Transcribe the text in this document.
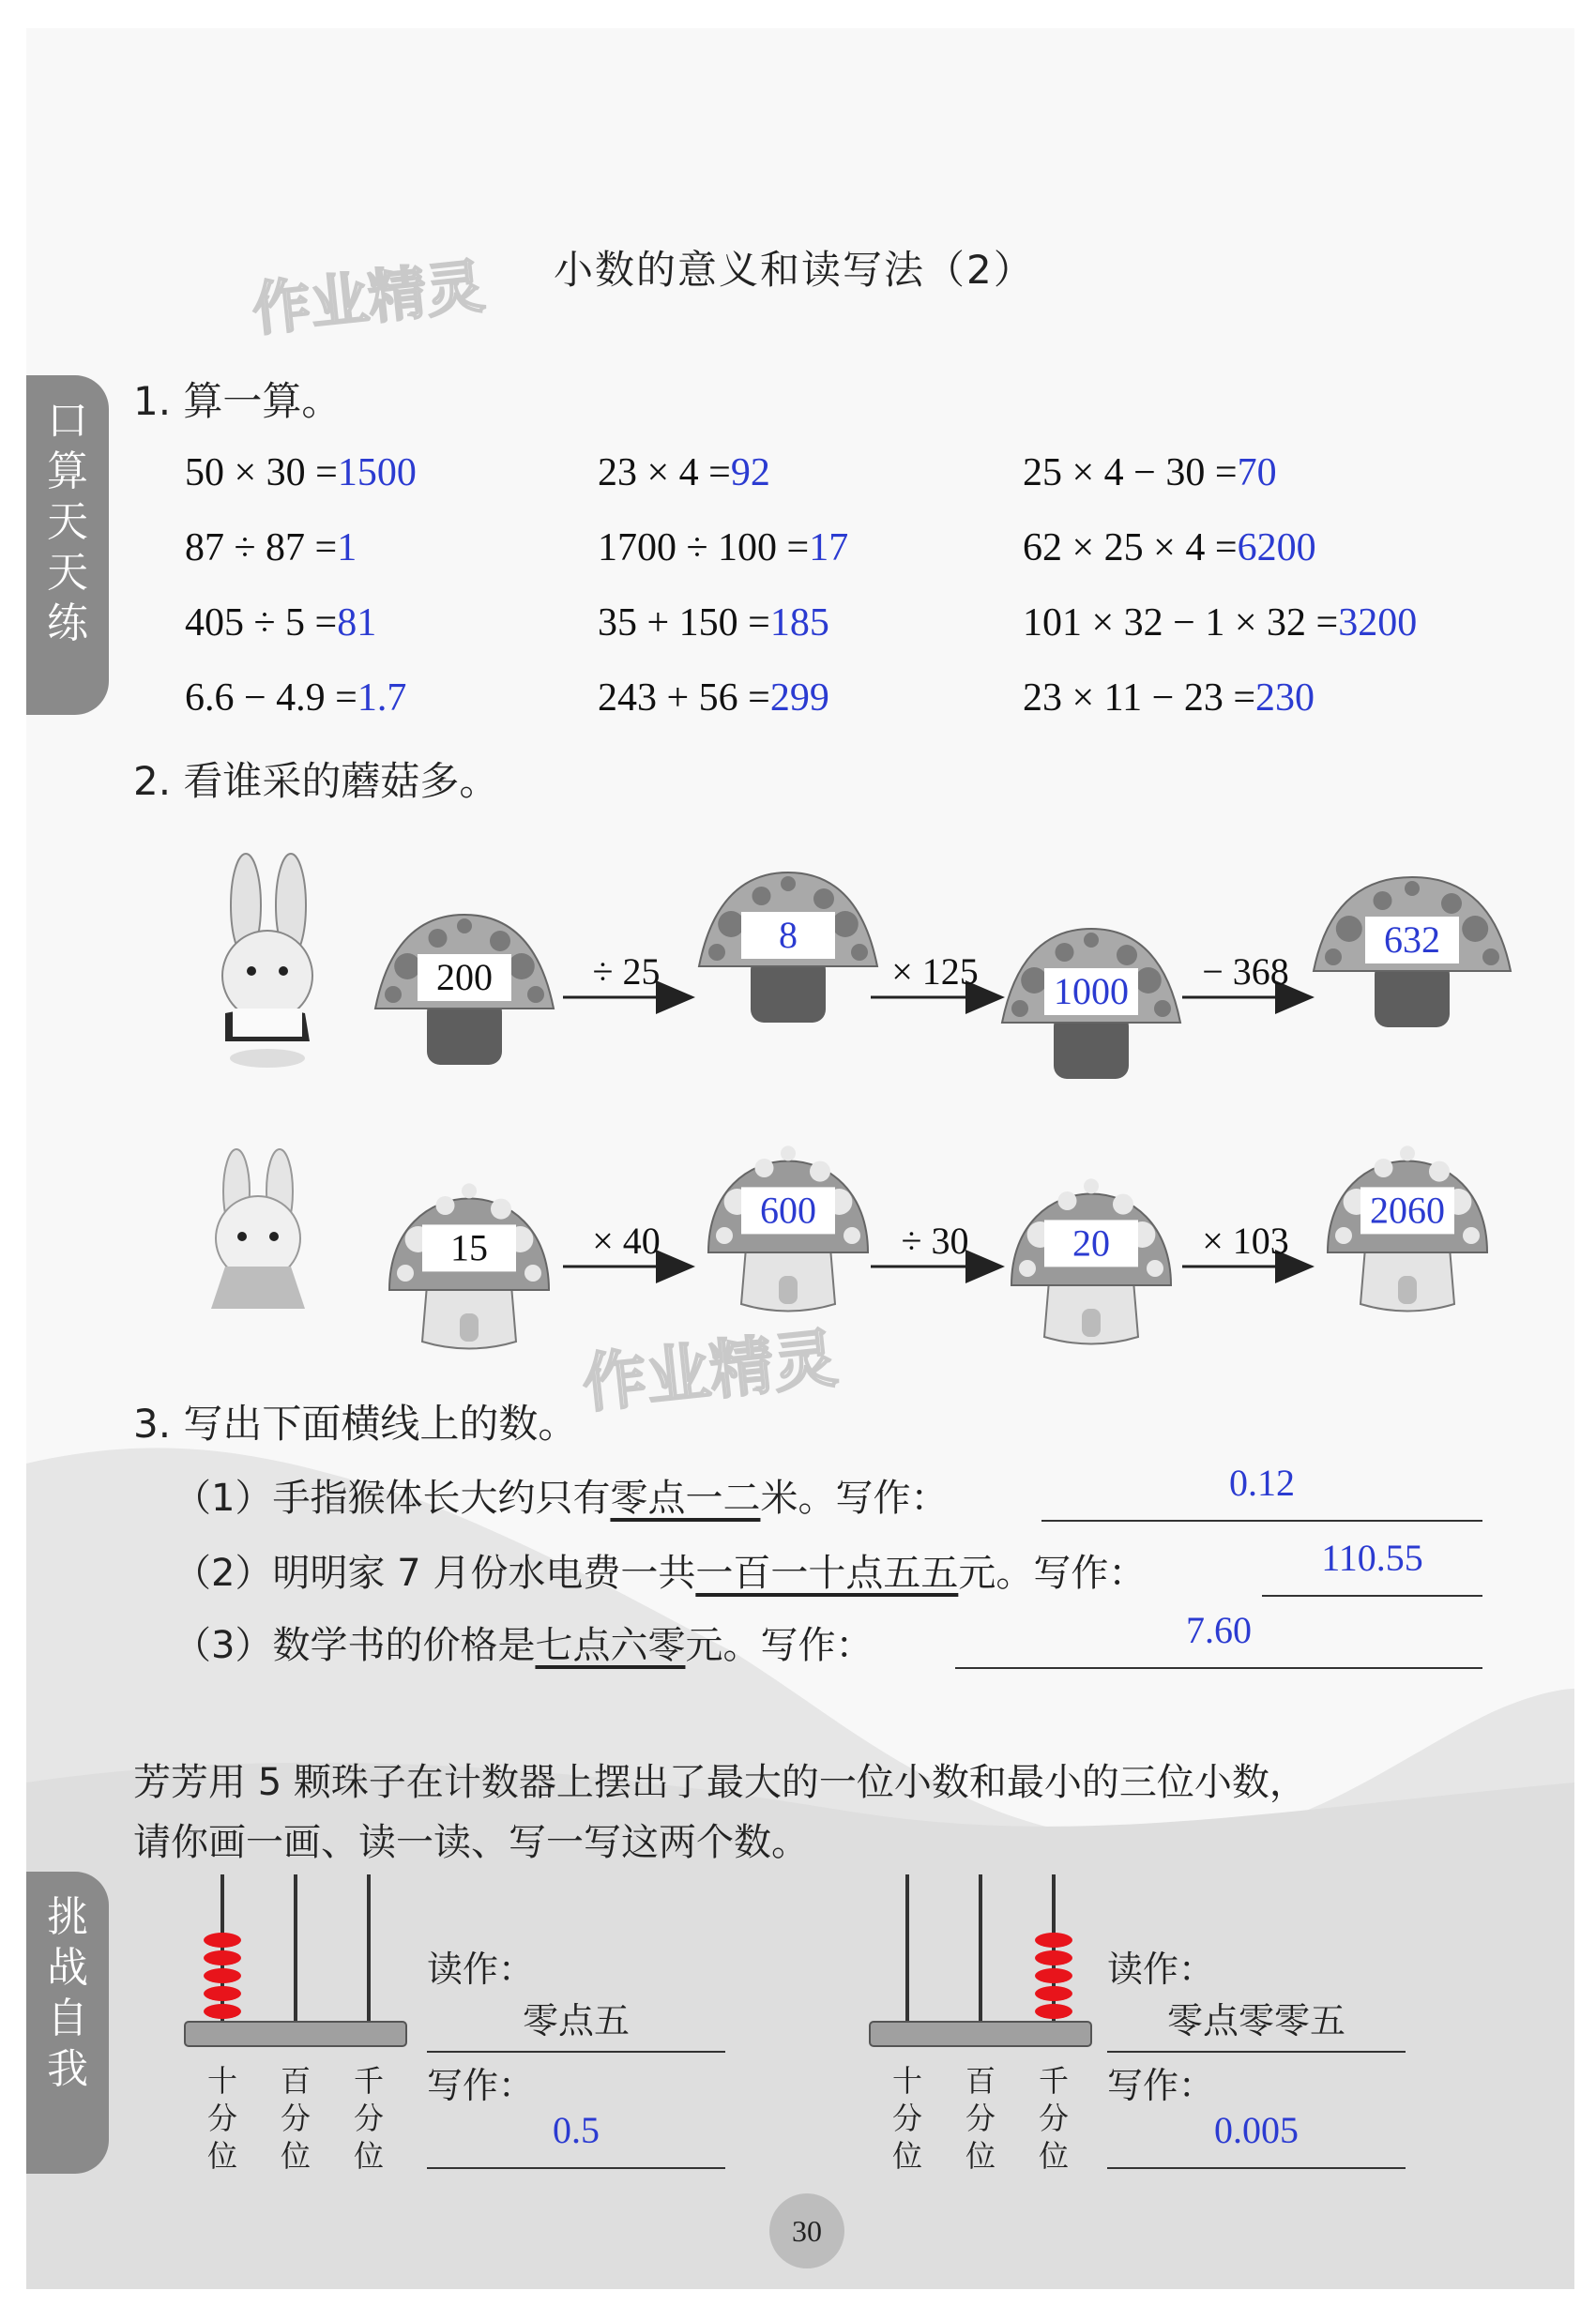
作业精灵
作业精灵
小数的意义和读写法（2）
口
算
天
天
练
挑
战
自
我
1. 算一算。
50 × 30 =1500	23 × 4 =92	25 × 4 − 30 =70
87 ÷ 87 =1	1700 ÷ 100 =17	62 × 25 × 4 =6200
405 ÷ 5 =81	35 + 150 =185	101 × 32 − 1 × 32 =3200
6.6 − 4.9 =1.7	243 + 56 =299	23 × 11 − 23 =230
2. 看谁采的蘑菇多。
200
8
1000
632
÷ 25	× 125	− 368
15
600
20
2060
× 40	÷ 30	× 103
3. 写出下面横线上的数。
（1）手指猴体长大约只有零点一二米。写作：	0.12
（2）明明家 7 月份水电费一共一百一十点五五元。写作：	110.55
（3）数学书的价格是七点六零元。写作：	7.60
芳芳用 5 颗珠子在计数器上摆出了最大的一位小数和最小的三位小数，
请你画一画、读一读、写一写这两个数。
十
分
位
百
分
位
千
分
位
读作：
零点五
写作：
0.5
十
分
位
百
分
位
千
分
位
读作：
零点零零五
写作：
0.005
30
